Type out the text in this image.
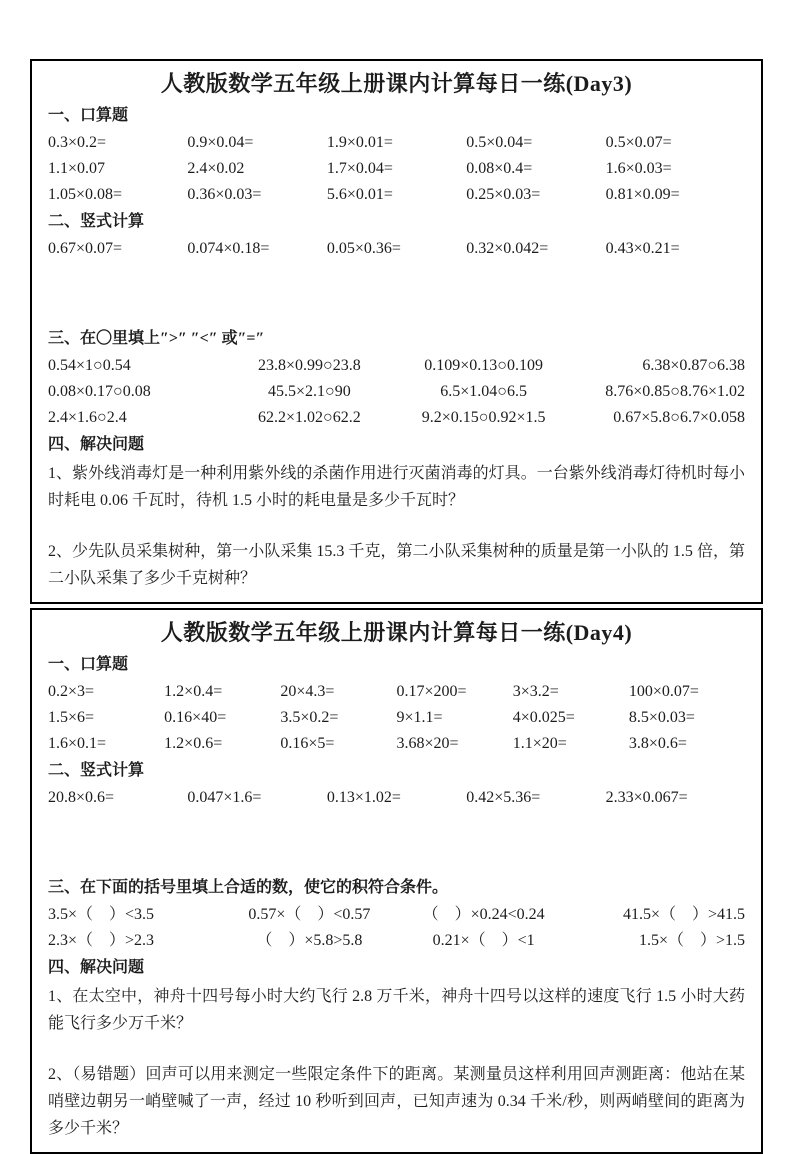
人教版数学五年级上册课内计算每日一练(Day3)
一、口算题
0.3×0.2=	0.9×0.04=	1.9×0.01=	0.5×0.04=	0.5×0.07=
1.1×0.07	2.4×0.02	1.7×0.04=	0.08×0.4=	1.6×0.03=
1.05×0.08=	0.36×0.03=	5.6×0.01=	0.25×0.03=	0.81×0.09=
二、竖式计算
0.67×0.07=	0.074×0.18=	0.05×0.36=	0.32×0.042=	0.43×0.21=
三、在〇里填上″>″ ″<″ 或″=″
0.54×1○0.54	23.8×0.99○23.8	0.109×0.13○0.109	6.38×0.87○6.38
0.08×0.17○0.08	45.5×2.1○90	6.5×1.04○6.5	8.76×0.85○8.76×1.02
2.4×1.6○2.4	62.2×1.02○62.2	9.2×0.15○0.92×1.5	0.67×5.8○6.7×0.058
四、解决问题

1、紫外线消毒灯是一种利用紫外线的杀菌作用进行灭菌消毒的灯具。一台紫外线消毒灯待机时每小时耗电 0.06 千瓦时，待机 1.5 小时的耗电量是多少千瓦时？

2、少先队员采集树种，第一小队采集 15.3 千克，第二小队采集树种的质量是第一小队的 1.5 倍，第二小队采集了多少千克树种？

人教版数学五年级上册课内计算每日一练(Day4)
一、口算题
0.2×3=	1.2×0.4=	20×4.3=	0.17×200=	3×3.2=	100×0.07=
1.5×6=	0.16×40=	3.5×0.2=	9×1.1=	4×0.025=	8.5×0.03=
1.6×0.1=	1.2×0.6=	0.16×5=	3.68×20=	1.1×20=	3.8×0.6=
二、竖式计算
20.8×0.6=	0.047×1.6=	0.13×1.02=	0.42×5.36=	2.33×0.067=
三、在下面的括号里填上合适的数，使它的积符合条件。
3.5×（　）<3.5	0.57×（　）<0.57	（　）×0.24<0.24	41.5×（　）>41.5
2.3×（　）>2.3	（　）×5.8>5.8	0.21×（　）<1	1.5×（　）>1.5
四、解决问题

1、在太空中，神舟十四号每小时大约飞行 2.8 万千米，神舟十四号以这样的速度飞行 1.5 小时大药能飞行多少万千米？

2、（易错题）回声可以用来测定一些限定条件下的距离。某测量员这样利用回声测距离：他站在某哨壁边朝另一峭壁喊了一声，经过 10 秒听到回声，已知声速为 0.34 千米/秒，则两峭壁间的距离为多少千米？
